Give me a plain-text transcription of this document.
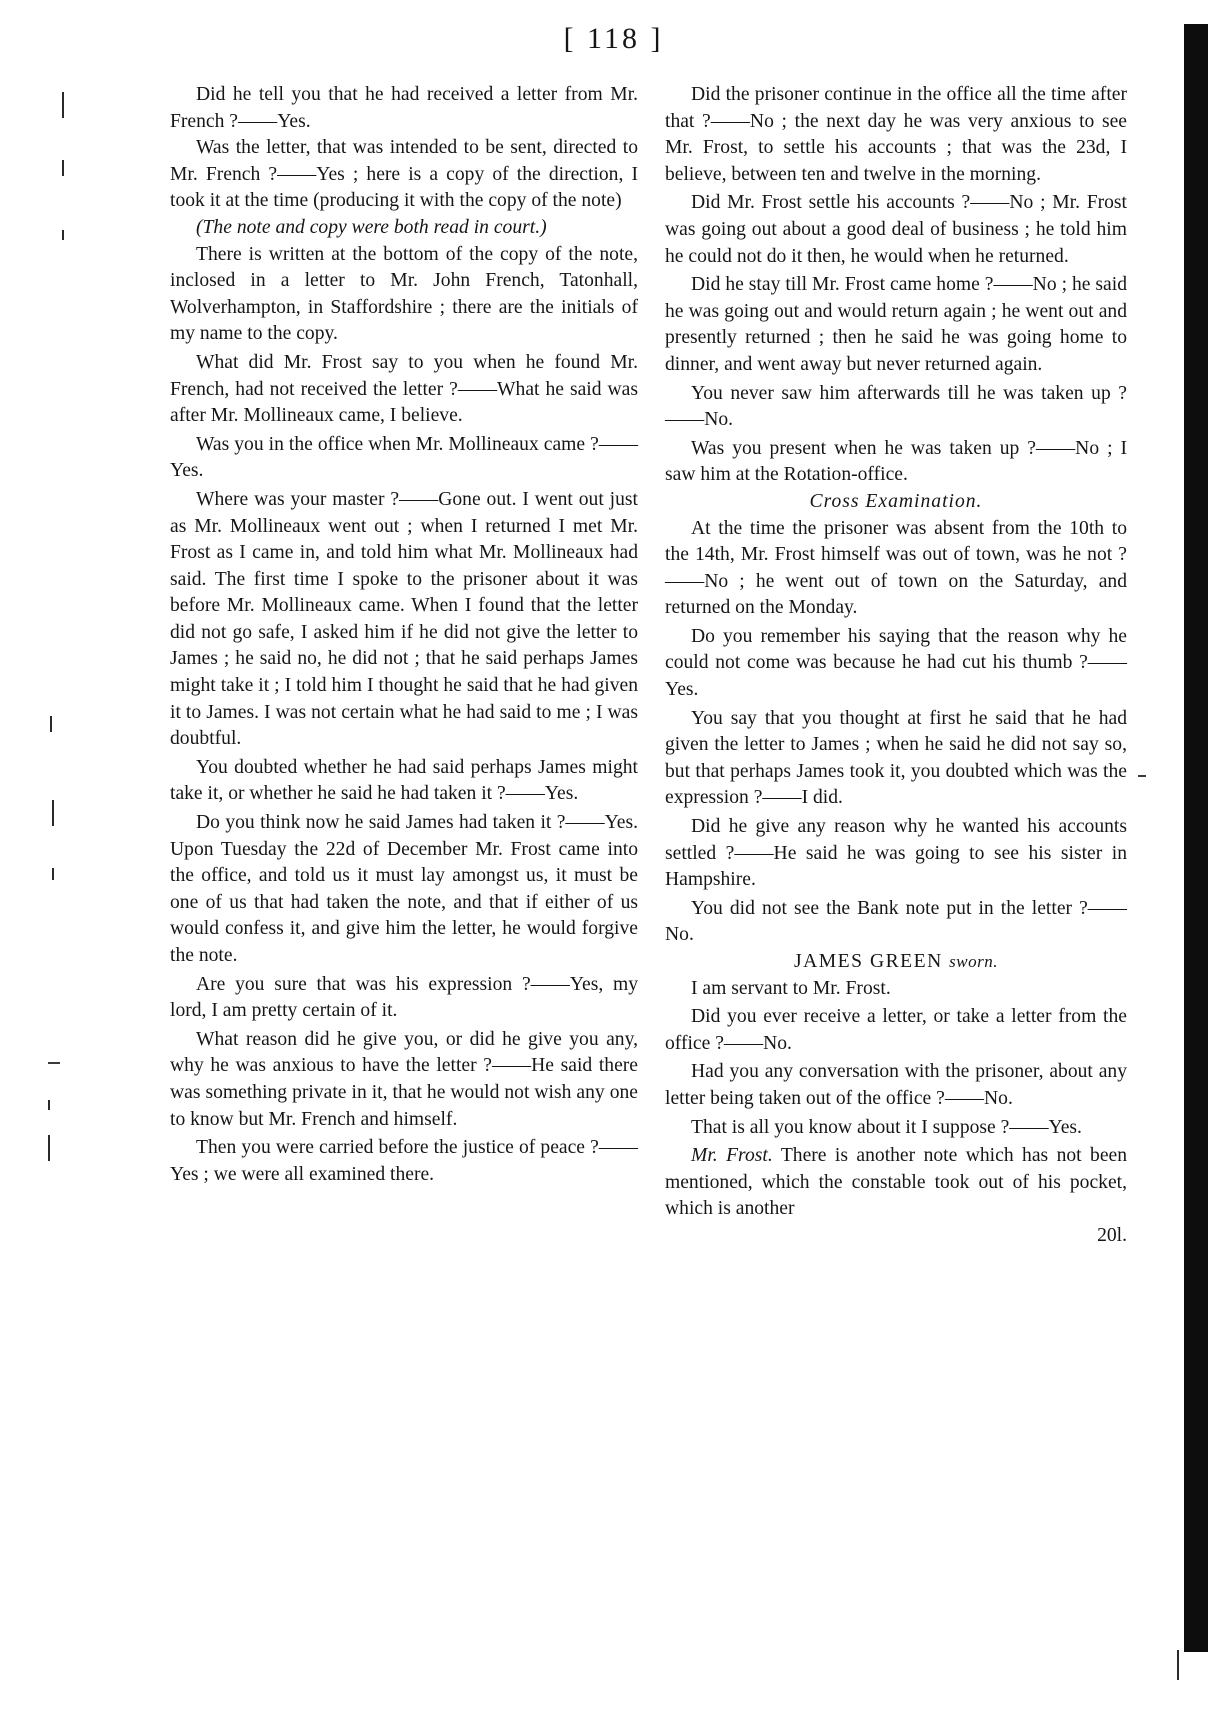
[ 118 ]

Did he tell you that he had received a letter from Mr. French ?——Yes.

Was the letter, that was intended to be sent, directed to Mr. French ?——Yes ; here is a copy of the direction, I took it at the time (producing it with the copy of the note)

(The note and copy were both read in court.)

There is written at the bottom of the copy of the note, inclosed in a letter to Mr. John French, Tatonhall, Wolverhampton, in Staffordshire ; there are the initials of my name to the copy.

What did Mr. Frost say to you when he found Mr. French, had not received the letter ?——What he said was after Mr. Mollineaux came, I believe.

Was you in the office when Mr. Mollineaux came ?——Yes.

Where was your master ?——Gone out. I went out just as Mr. Mollineaux went out ; when I returned I met Mr. Frost as I came in, and told him what Mr. Mollineaux had said. The first time I spoke to the prisoner about it was before Mr. Mollineaux came. When I found that the letter did not go safe, I asked him if he did not give the letter to James ; he said no, he did not ; that he said perhaps James might take it ; I told him I thought he said that he had given it to James. I was not certain what he had said to me ; I was doubtful.

You doubted whether he had said perhaps James might take it, or whether he said he had taken it ?——Yes.

Do you think now he said James had taken it ?——Yes. Upon Tuesday the 22d of December Mr. Frost came into the office, and told us it must lay amongst us, it must be one of us that had taken the note, and that if either of us would confess it, and give him the letter, he would forgive the note.

Are you sure that was his expression ?——Yes, my lord, I am pretty certain of it.

What reason did he give you, or did he give you any, why he was anxious to have the letter ?——He said there was something private in it, that he would not wish any one to know but Mr. French and himself.

Then you were carried before the justice of peace ?——Yes ; we were all examined there.

Did the prisoner continue in the office all the time after that ?——No ; the next day he was very anxious to see Mr. Frost, to settle his accounts ; that was the 23d, I believe, between ten and twelve in the morning.

Did Mr. Frost settle his accounts ?——No ; Mr. Frost was going out about a good deal of business ; he told him he could not do it then, he would when he returned.

Did he stay till Mr. Frost came home ?——No ; he said he was going out and would return again ; he went out and presently returned ; then he said he was going home to dinner, and went away but never returned again.

You never saw him afterwards till he was taken up ?——No.

Was you present when he was taken up ?——No ; I saw him at the Rotation-office.

Cross Examination.

At the time the prisoner was absent from the 10th to the 14th, Mr. Frost himself was out of town, was he not ?——No ; he went out of town on the Saturday, and returned on the Monday.

Do you remember his saying that the reason why he could not come was because he had cut his thumb ?——Yes.

You say that you thought at first he said that he had given the letter to James ; when he said he did not say so, but that perhaps James took it, you doubted which was the expression ?——I did.

Did he give any reason why he wanted his accounts settled ?——He said he was going to see his sister in Hampshire.

You did not see the Bank note put in the letter ?——No.

JAMES GREEN sworn.

I am servant to Mr. Frost.

Did you ever receive a letter, or take a letter from the office ?——No.

Had you any conversation with the prisoner, about any letter being taken out of the office ?——No.

That is all you know about it I suppose ?——Yes.

Mr. Frost. There is another note which has not been mentioned, which the constable took out of his pocket, which is another

20l.
